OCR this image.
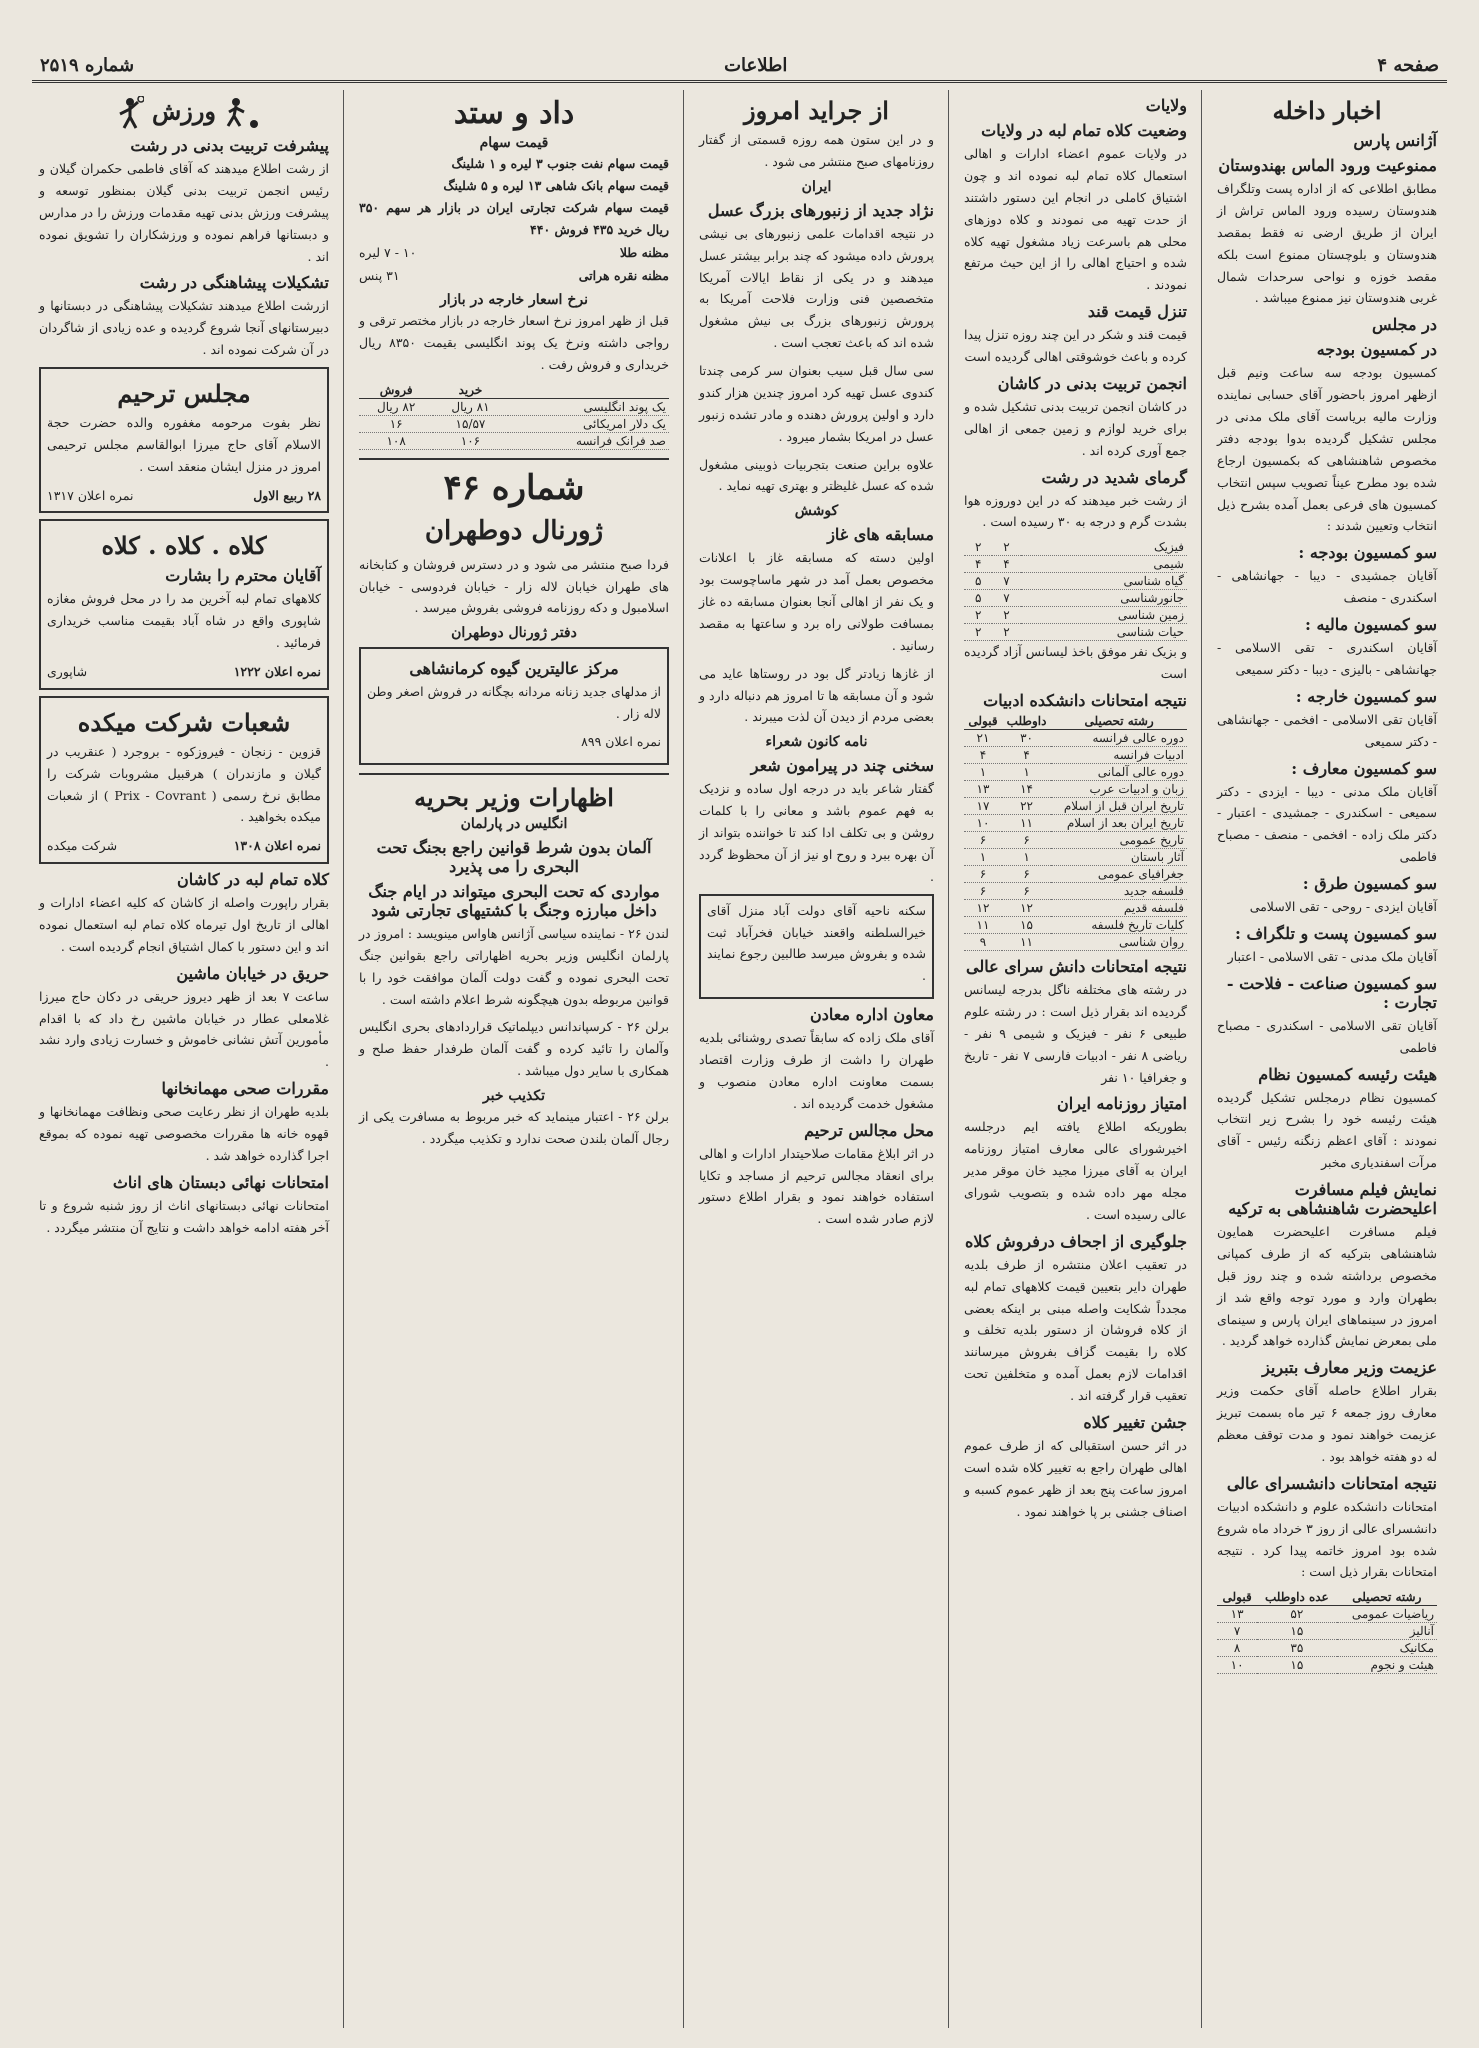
صفحه ۴
اطلاعات
شماره ۲۵۱۹
اخبار داخله
آژانس پارس
ممنوعیت ورود الماس بهندوستان

مطابق اطلاعی که از اداره پست وتلگراف هندوستان رسیده ورود الماس تراش از ایران از طریق ارضی نه فقط بمقصد هندوستان و بلوچستان ممنوع است بلکه مقصد خوزه و نواحی سرحدات شمال غربی هندوستان نیز ممنوع میباشد .

در مجلس
در کمسیون بودجه

کمسیون بودجه سه ساعت ونیم قبل ازظهر امروز باحضور آقای حسابی نماینده وزارت مالیه برياست آقای ملک مدنی در مجلس تشکیل گردیده بدوا بودجه دفتر مخصوص شاهنشاهی که بکمسیون ارجاع شده بود مطرح عیناً تصویب سپس انتخاب کمسیون های فرعی بعمل آمده بشرح ذیل انتخاب وتعیین شدند :

سو کمسیون بودجه :

آقایان جمشیدی - دیبا - جهانشاهی - اسکندری - منصف

سو کمسیون مالیه :

آقایان اسکندری - تقی الاسلامی - جهانشاهی - بالیزی - دیبا - دکتر سمیعی

سو کمسیون خارجه :

آقایان تقی الاسلامی - افخمی - جهانشاهی - دکتر سمیعی

سو کمسیون معارف :

آقایان ملک مدنی - دیبا - ایزدی - دکتر سمیعی - اسکندری - جمشیدی - اعتبار - دکتر ملک زاده - افخمی - منصف - مصباح فاطمی

سو کمسیون طرق :

آقایان ایزدی - روحی - تقی الاسلامی

سو کمسیون پست و تلگراف :

آقایان ملک مدنی - تقی الاسلامی - اعتبار

سو کمسیون صناعت - فلاحت - تجارت :

آقایان تقی الاسلامی - اسکندری - مصباح فاطمی

هیئت رئیسه کمسیون نظام

کمسیون نظام درمجلس تشکیل گردیده هیئت رئیسه خود را بشرح زیر انتخاب نمودند : آقای اعظم زنگنه رئیس - آقای مرآت اسفندیاری مخبر

نمایش فیلم مسافرت اعلیحضرت شاهنشاهی به ترکیه

فیلم مسافرت اعلیحضرت همایون شاهنشاهی بترکیه که از طرف کمپانی مخصوص برداشته شده و چند روز قبل بطهران وارد و مورد توجه واقع شد از امروز در سینماهای ایران پارس و سینمای ملی بمعرض نمایش گذارده خواهد گردید .

عزیمت وزیر معارف بتبریز

بقرار اطلاع حاصله آقای حکمت وزیر معارف روز جمعه ۶ تیر ماه بسمت تبریز عزیمت خواهند نمود و مدت توقف معظم له دو هفته خواهد بود .

نتیجه امتحانات دانشسرای عالی

امتحانات دانشکده علوم و دانشکده ادبیات دانشسرای عالی از روز ۳ خرداد ماه شروع شده بود امروز خاتمه پیدا کرد . نتیجه امتحانات بقرار ذیل است :

رشته تحصیلی	عده داوطلب	قبولی
ریاضیات عمومی	۵۲	۱۳
آنالیز	۱۵	۷
مکانیک	۳۵	۸
هیئت و نجوم	۱۵	۱۰
ولایات
وضعیت کلاه تمام لبه در ولایات

در ولایات عموم اعضاء ادارات و اهالی استعمال کلاه تمام لبه نموده اند و چون اشتیاق کاملی در انجام این دستور داشتند از حدت تهیه می نمودند و کلاه دوزهای محلی هم باسرعت زیاد مشغول تهیه کلاه شده و احتیاج اهالی را از این حیث مرتفع نمودند .

تنزل قیمت قند

قیمت قند و شکر در این چند روزه تنزل پیدا کرده و باعث خوشوقتی اهالی گردیده است

انجمن تربیت بدنی در کاشان

در کاشان انجمن تربیت بدنی تشکیل شده و برای خرید لوازم و زمین جمعی از اهالی جمع آوری کرده اند .

گرمای شدید در رشت

از رشت خبر میدهند که در این دوروزه هوا بشدت گرم و درجه به ۳۰ رسیده است .

فیزیک	۲	۲
شیمی	۴	۴
گیاه شناسی	۷	۵
جانورشناسی	۷	۵
زمین شناسی	۲	۲
حیات شناسی	۲	۲

و بزیک نفر موفق باخذ لیسانس آزاد گردیده است

نتیجه امتحانات دانشکده ادبیات
رشته تحصیلی	داوطلب	قبولی
دوره عالی فرانسه	۳۰	۲۱
ادبیات فرانسه	۴	۴
دوره عالی آلمانی	۱	۱
زبان و ادبیات عرب	۱۴	۱۳
تاریخ ایران قبل از اسلام	۲۲	۱۷
تاریخ ایران بعد از اسلام	۱۱	۱۰
تاریخ عمومی	۶	۶
آثار باستان	۱	۱
جغرافیای عمومی	۶	۶
فلسفه جدید	۶	۶
فلسفه قدیم	۱۲	۱۲
کلیات تاریخ فلسفه	۱۵	۱۱
روان شناسی	۱۱	۹
نتیجه امتحانات دانش سرای عالی

در رشته های مختلفه ناگل بدرجه لیسانس گردیده اند بقرار ذیل است : در رشته علوم طبیعی ۶ نفر - فیزیک و شیمی ۹ نفر - ریاضی ۸ نفر - ادبیات فارسی ۷ نفر - تاریخ و جغرافیا ۱۰ نفر

امتیاز روزنامه ایران

بطوریکه اطلاع یافته ایم درجلسه اخیرشورای عالی معارف امتیاز روزنامه ایران به آقای میرزا مجید خان موقر مدیر مجله مهر داده شده و بتصویب شورای عالی رسیده است .

جلوگیری از اجحاف درفروش کلاه

در تعقیب اعلان منتشره از طرف بلدیه طهران دایر بتعیین قیمت کلاههای تمام لبه مجدداً شکایت واصله مبنی بر اینکه بعضی از کلاه فروشان از دستور بلدیه تخلف و کلاه را بقیمت گزاف بفروش میرسانند اقدامات لازم بعمل آمده و متخلفین تحت تعقیب قرار گرفته اند .

جشن تغییر کلاه

در اثر حسن استقبالی که از طرف عموم اهالی طهران راجع به تغییر کلاه شده است امروز ساعت پنج بعد از ظهر عموم کسبه و اصناف جشنی بر پا خواهند نمود .

از جراید امروز

و در این ستون همه روزه قسمتی از گفتار روزنامهای صبح منتشر می شود .

ایران
نژاد جدید از زنبورهای بزرگ عسل

در نتیجه اقدامات علمی زنبورهای بی نیشی پرورش داده میشود که چند برابر بیشتر عسل میدهند و در یکی از نقاط ایالات آمریکا متخصصین فنی وزارت فلاحت آمریکا به پرورش زنبورهای بزرگ بی نیش مشغول شده اند که باعث تعجب است .

سی سال قبل سیب بعنوان سر کرمی چندتا کندوی عسل تهیه کرد امروز چندین هزار کندو دارد و اولین پرورش دهنده و مادر تشده زنبور عسل در امریکا بشمار میرود .

علاوه براین صنعت بتجربیات ذوبینی مشغول شده که عسل غلیظتر و بهتری تهیه نماید .

کوشش
مسابقه های غاز

اولین دسته که مسابقه غاز با اعلانات مخصوص بعمل آمد در شهر ماساچوست بود و یک نفر از اهالی آنجا بعنوان مسابقه ده غاز بمسافت طولانی راه برد و ساعتها به مقصد رسانید .

از غازها زیادتر گل بود در روستاها عاید می شود و آن مسابقه ها تا امروز هم دنباله دارد و بعضی مردم از دیدن آن لذت میبرند .

نامه کانون شعراء
سخنی چند در پیرامون شعر

گفتار شاعر باید در درجه اول ساده و نزدیک به فهم عموم باشد و معانی را با کلمات روشن و بی تکلف ادا کند تا خواننده بتواند از آن بهره ببرد و روح او نیز از آن محظوظ گردد .

سکنه ناحیه آقای دولت آباد منزل آقای خیرالسلطنه واقعند خیابان فخرآباد ثبت شده و بفروش میرسد طالبین رجوع نمایند .

معاون اداره معادن

آقای ملک زاده که سابقاً تصدی روشنائی بلدیه طهران را داشت از طرف وزارت اقتصاد بسمت معاونت اداره معادن منصوب و مشغول خدمت گردیده اند .

محل مجالس ترحیم

در اثر ابلاغ مقامات صلاحیتدار ادارات و اهالی برای انعقاد مجالس ترحیم از مساجد و تکایا استفاده خواهند نمود و بقرار اطلاع دستور لازم صادر شده است .

داد و ستد
قیمت سهام

قیمت سهام نفت جنوب ۳ لیره و ۱ شلینگ

قیمت سهام بانک شاهی ۱۳ لیره و ۵ شلینگ

قیمت سهام شرکت تجارتی ایران در بازار هر سهم ۳۵۰ ریال خرید ۴۳۵ فروش ۴۴۰

مظنه طلا
۱۰ - ۷ لیره
مظنه نقره هراتی
۳۱ پنس
نرخ اسعار خارجه در بازار

قبل از ظهر امروز نرخ اسعار خارجه در بازار مختصر ترقی و رواجی داشته ونرخ یک پوند انگلیسی بقیمت ۸۳۵۰ ریال خریداری و فروش رفت .

	خرید	فروش
یک پوند انگلیسی	۸۱ ریال	۸۲ ریال
یک دلار امریکائی	۱۵/۵۷	۱۶
صد فرانک فرانسه	۱۰۶	۱۰۸
شماره ۴۶
ژورنال دوطهران

فردا صبح منتشر می شود و در دسترس فروشان و کتابخانه های طهران خیابان لاله زار - خیابان فردوسی - خیابان اسلامبول و دکه روزنامه فروشی بفروش میرسد .

دفتر ژورنال دوطهران
مرکز عالیترین گیوه کرمانشاهی

از مدلهای جدید زنانه مردانه بچگانه در فروش اصغر وطن لاله زار .

نمره اعلان ۸۹۹

اظهارات وزیر بحریه
انگلیس در پارلمان
آلمان بدون شرط قوانین راجع بجنگ تحت البحری را می پذیرد
مواردی که تحت البحری میتواند در ایام جنگ داخل مبارزه وجنگ با کشتیهای تجارتی شود

لندن ۲۶ - نماینده سیاسی آژانس هاواس مینویسد : امروز در پارلمان انگلیس وزیر بحریه اظهاراتی راجع بقوانین جنگ تحت البحری نموده و گفت دولت آلمان موافقت خود را با قوانین مربوطه بدون هیچگونه شرط اعلام داشته است .

برلن ۲۶ - کرسپاندانس دیپلماتیک قراردادهای بحری انگلیس وآلمان را تائید کرده و گفت آلمان طرفدار حفظ صلح و همکاری با سایر دول میباشد .

تکذیب خبر

برلن ۲۶ - اعتبار مینماید که خبر مربوط به مسافرت یکی از رجال آلمان بلندن صحت ندارد و تکذیب میگردد .

ورزش
پیشرفت تربیت بدنی در رشت

از رشت اطلاع میدهند که آقای فاطمی حکمران گیلان و رئیس انجمن تربیت بدنی گیلان بمنظور توسعه و پیشرفت ورزش بدنی تهیه مقدمات ورزش را در مدارس و دبستانها فراهم نموده و ورزشکاران را تشویق نموده اند .

تشکیلات پیشاهنگی در رشت

ازرشت اطلاع میدهند تشکیلات پیشاهنگی در دبستانها و دبیرستانهای آنجا شروع گردیده و عده زیادی از شاگردان در آن شرکت نموده اند .

مجلس ترحیم

نظر بفوت مرحومه مغفوره والده حضرت حجة الاسلام آقای حاج میرزا ابوالقاسم مجلس ترحیمی امروز در منزل ایشان منعقد است .

۲۸ ربیع الاول
نمره اعلان ۱۳۱۷
کلاه . کلاه . کلاه
آقایان محترم را بشارت

کلاههای تمام لبه آخرین مد را در محل فروش مغازه شاپوری واقع در شاه آباد بقیمت مناسب خریداری فرمائید .

نمره اعلان ۱۲۲۲
شاپوری
شعبات شرکت میکده

قزوین - زنجان - فیروزکوه - بروجرد ( عنقریب در گیلان و مازندران ) هرقبیل مشروبات شرکت را مطابق نرخ رسمی ( Prix - Covrant ) از شعبات میکده بخواهید .

نمره اعلان ۱۳۰۸
شرکت میکده
کلاه تمام لبه در کاشان

بقرار راپورت واصله از کاشان که کلیه اعضاء ادارات و اهالی از تاریخ اول تیرماه کلاه تمام لبه استعمال نموده اند و این دستور با کمال اشتیاق انجام گردیده است .

حریق در خیابان ماشین

ساعت ۷ بعد از ظهر دیروز حریقی در دکان حاج میرزا غلامعلی عطار در خیابان ماشین رخ داد که با اقدام مأمورین آتش نشانی خاموش و خسارت زیادی وارد نشد .

مقررات صحی مهمانخانها

بلدیه طهران از نظر رعایت صحی ونظافت مهمانخانها و قهوه خانه ها مقررات مخصوصی تهیه نموده که بموقع اجرا گذارده خواهد شد .

امتحانات نهائی دبستان های اناث

امتحانات نهائی دبستانهای اناث از روز شنبه شروع و تا آخر هفته ادامه خواهد داشت و نتایج آن منتشر میگردد .
